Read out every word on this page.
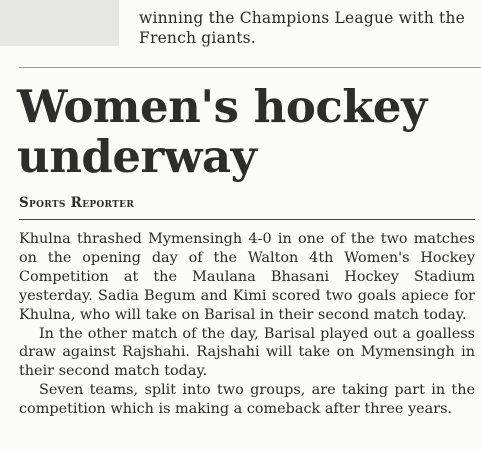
winning the Champions League with the
French giants.
Women's hockey
underway
Sports Reporter

Khulna thrashed Mymensingh 4-0 in one of the two matches on the opening day of the Walton 4th Women's Hockey Competition at the Maulana Bhasani Hockey Stadium yesterday. Sadia Begum and Kimi scored two goals apiece for Khulna, who will take on Barisal in their second match today.

In the other match of the day, Barisal played out a goalless draw against Rajshahi. Rajshahi will take on Mymensingh in their second match today.

Seven teams, split into two groups, are taking part in the competition which is making a comeback after three years.
